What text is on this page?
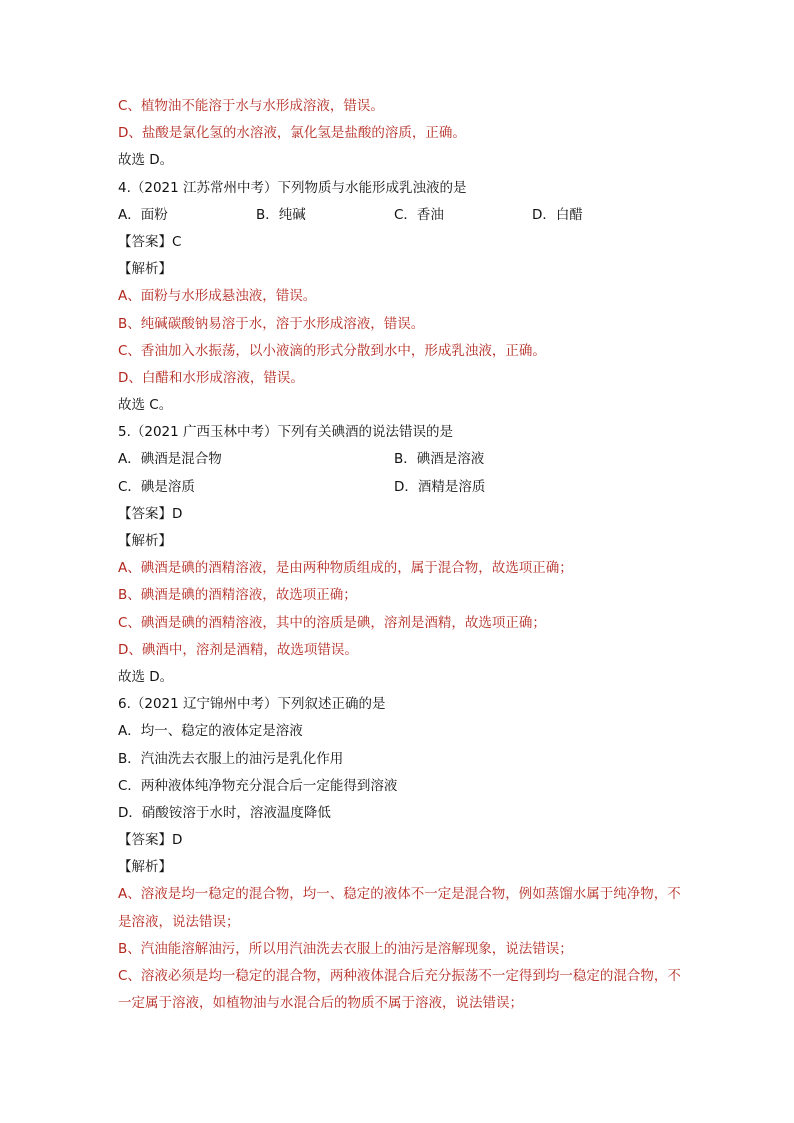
C、植物油不能溶于水与水形成溶液，错误。
D、盐酸是氯化氢的水溶液，氯化氢是盐酸的溶质，正确。
故选 D。
4.（2021 江苏常州中考）下列物质与水能形成乳浊液的是
A．面粉	B．纯碱	C．香油	D．白醋
【答案】C
【解析】
A、面粉与水形成悬浊液，错误。
B、纯碱碳酸钠易溶于水，溶于水形成溶液，错误。
C、香油加入水振荡，以小液滴的形式分散到水中，形成乳浊液，正确。
D、白醋和水形成溶液，错误。
故选 C。
5.（2021 广西玉林中考）下列有关碘酒的说法错误的是
A．碘酒是混合物	B．碘酒是溶液
C．碘是溶质	D．酒精是溶质
【答案】D
【解析】
A、碘酒是碘的酒精溶液，是由两种物质组成的，属于混合物，故选项正确；
B、碘酒是碘的酒精溶液，故选项正确；
C、碘酒是碘的酒精溶液，其中的溶质是碘，溶剂是酒精，故选项正确；
D、碘酒中，溶剂是酒精，故选项错误。
故选 D。
6.（2021 辽宁锦州中考）下列叙述正确的是
A．均一、稳定的液体定是溶液
B．汽油洗去衣服上的油污是乳化作用
C．两种液体纯净物充分混合后一定能得到溶液
D．硝酸铵溶于水时，溶液温度降低
【答案】D
【解析】
A、溶液是均一稳定的混合物，均一、稳定的液体不一定是混合物，例如蒸馏水属于纯净物，不是溶液，说法错误；
B、汽油能溶解油污，所以用汽油洗去衣服上的油污是溶解现象，说法错误；
C、溶液必须是均一稳定的混合物，两种液体混合后充分振荡不一定得到均一稳定的混合物，不一定属于溶液，如植物油与水混合后的物质不属于溶液，说法错误；
